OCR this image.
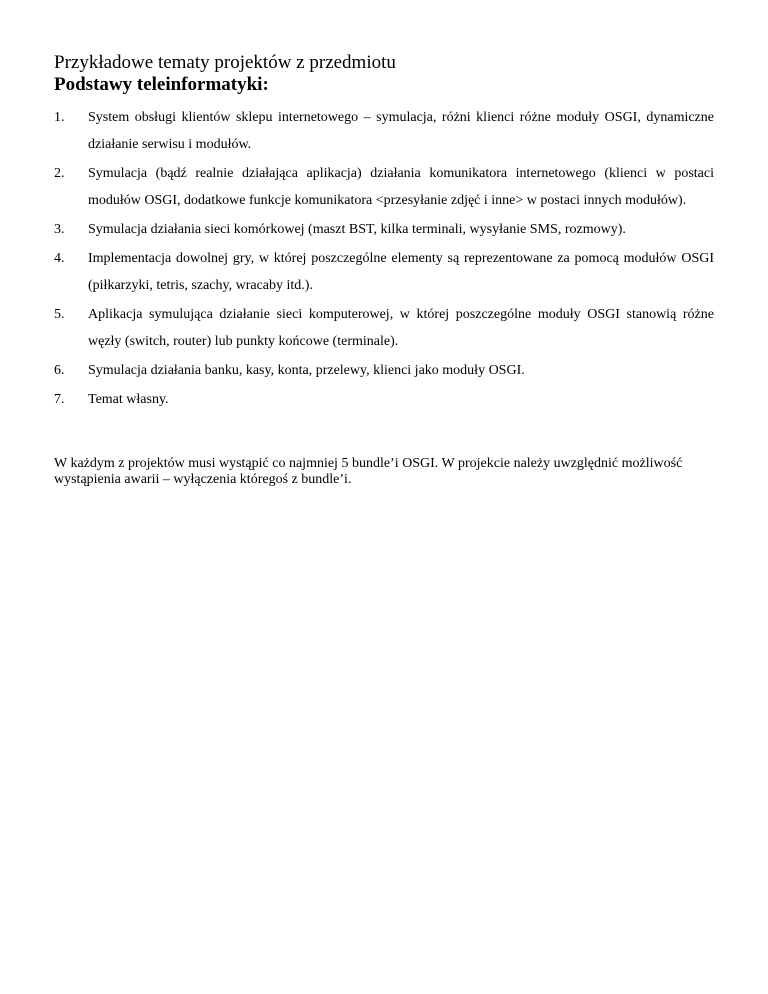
Przykładowe tematy projektów z przedmiotu

Podstawy teleinformatyki:

1.	System obsługi klientów sklepu internetowego – symulacja, różni klienci różne moduły OSGI, dynamiczne działanie serwisu i modułów.
2.	Symulacja (bądź realnie działająca aplikacja) działania komunikatora internetowego (klienci w postaci modułów OSGI, dodatkowe funkcje komunikatora <przesyłanie zdjęć i inne> w postaci innych modułów).
3.	Symulacja działania sieci komórkowej (maszt BST, kilka terminali, wysyłanie SMS, rozmowy).
4.	Implementacja dowolnej gry, w której poszczególne elementy są reprezentowane za pomocą modułów OSGI (piłkarzyki, tetris, szachy, wracaby itd.).
5.	Aplikacja symulująca działanie sieci komputerowej, w której poszczególne moduły OSGI stanowią różne węzły (switch, router) lub punkty końcowe (terminale).
6.	Symulacja działania banku, kasy, konta, przelewy, klienci jako moduły OSGI.
7.	Temat własny.

W każdym z projektów musi wystąpić co najmniej 5 bundle’i OSGI. W projekcie należy uwzględnić możliwość wystąpienia awarii – wyłączenia któregoś z bundle’i.
